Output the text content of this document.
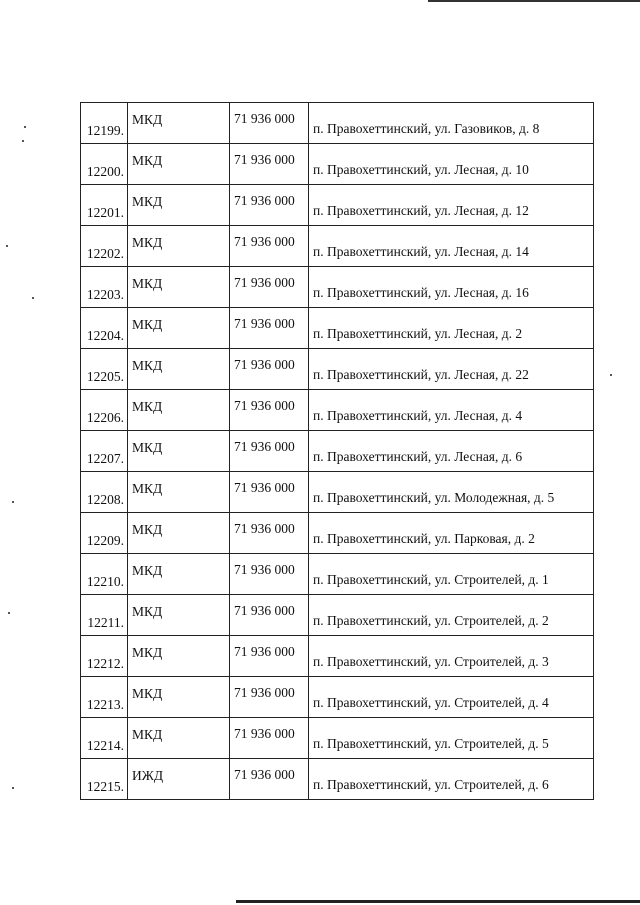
12199.	МКД	71 936 000	п. Правохеттинский, ул. Газовиков, д. 8

12200.	МКД	71 936 000	п. Правохеттинский, ул. Лесная, д. 10

12201.	МКД	71 936 000	п. Правохеттинский, ул. Лесная, д. 12

12202.	МКД	71 936 000	п. Правохеттинский, ул. Лесная, д. 14

12203.	МКД	71 936 000	п. Правохеттинский, ул. Лесная, д. 16

12204.	МКД	71 936 000	п. Правохеттинский, ул. Лесная, д. 2

12205.	МКД	71 936 000	п. Правохеттинский, ул. Лесная, д. 22

12206.	МКД	71 936 000	п. Правохеттинский, ул. Лесная, д. 4

12207.	МКД	71 936 000	п. Правохеттинский, ул. Лесная, д. 6

12208.	МКД	71 936 000	п. Правохеттинский, ул. Молодежная, д. 5

12209.	МКД	71 936 000	п. Правохеттинский, ул. Парковая, д. 2

12210.	МКД	71 936 000	п. Правохеттинский, ул. Строителей, д. 1

12211.	МКД	71 936 000	п. Правохеттинский, ул. Строителей, д. 2

12212.	МКД	71 936 000	п. Правохеттинский, ул. Строителей, д. 3

12213.	МКД	71 936 000	п. Правохеттинский, ул. Строителей, д. 4

12214.	МКД	71 936 000	п. Правохеттинский, ул. Строителей, д. 5

12215.	ИЖД	71 936 000	п. Правохеттинский, ул. Строителей, д. 6
